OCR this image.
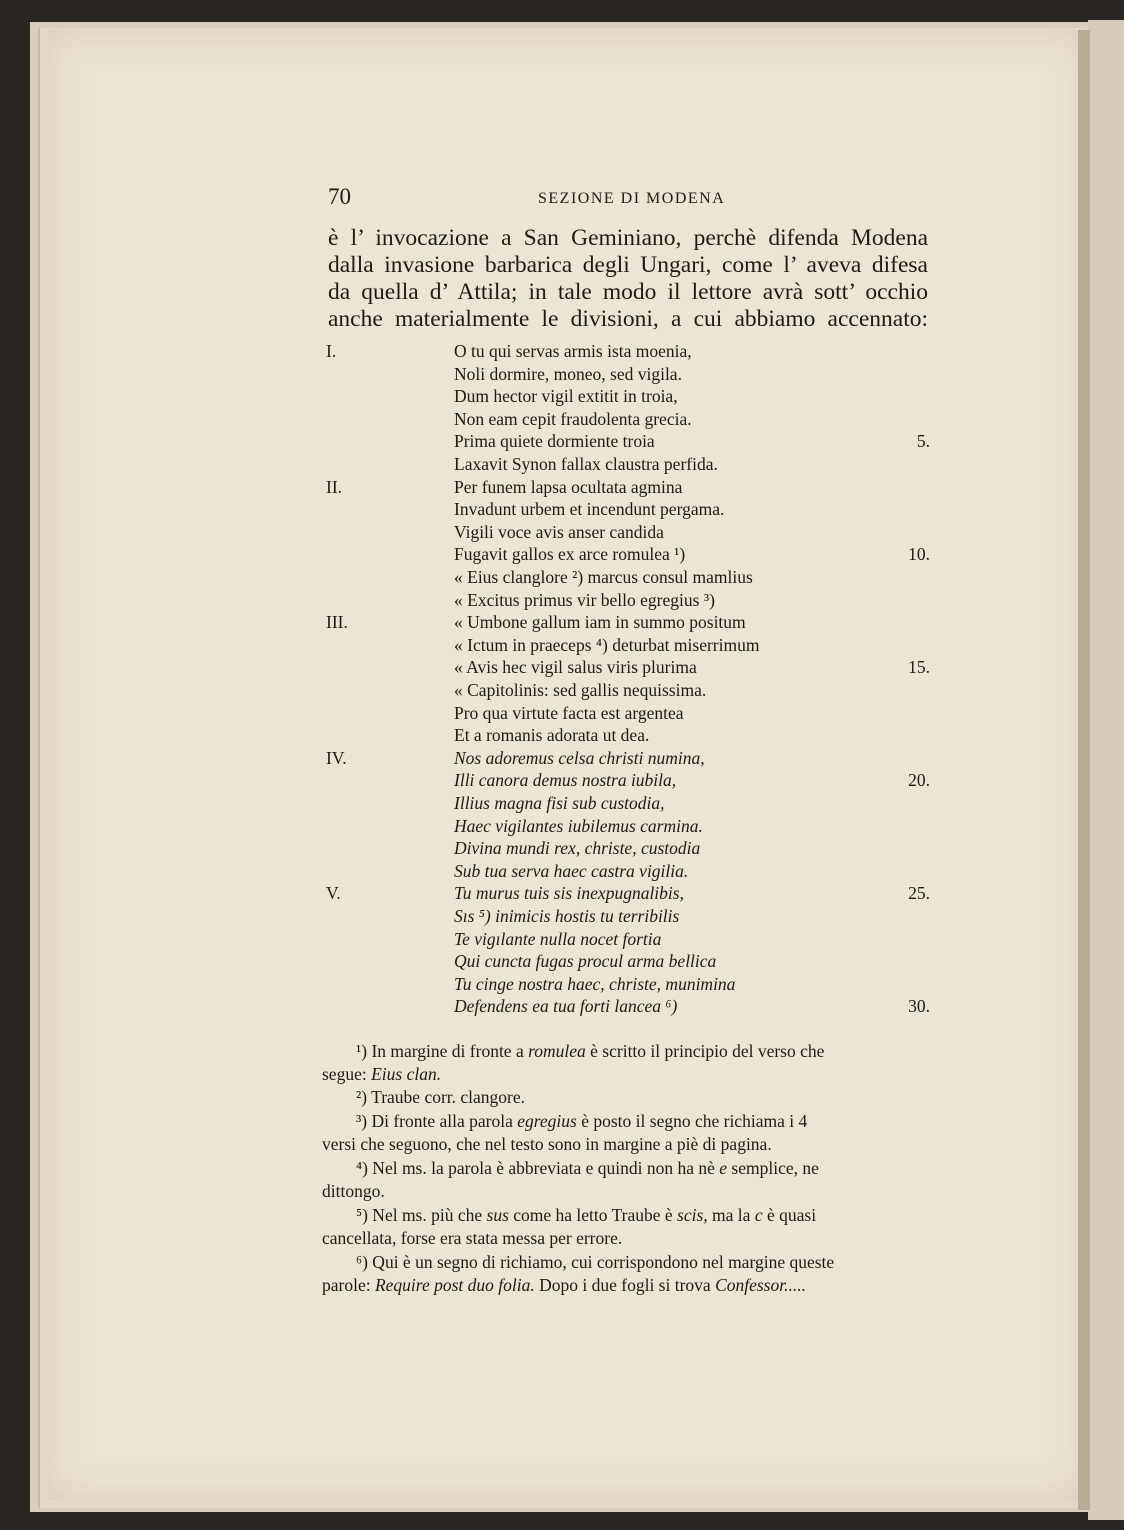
70	SEZIONE DI MODENA
è l’ invocazione a San Geminiano, perchè difenda Modena
dalla invasione barbarica degli Ungari, come l’ aveva difesa
da quella d’ Attila; in tale modo il lettore avrà sott’ occhio
anche materialmente le divisioni, a cui abbiamo accennato:
I.	O tu qui servas armis ista moenia,
Noli dormire, moneo, sed vigila.
Dum hector vigil extitit in troia,
Non eam cepit fraudolenta grecia.
Prima quiete dormiente troia	5.
Laxavit Synon fallax claustra perfida.
II.	Per funem lapsa ocultata agmina
Invadunt urbem et incendunt pergama.
Vigili voce avis anser candida
Fugavit gallos ex arce romulea ¹)	10.
« Eius clanglore ²) marcus consul mamlius
« Excitus primus vir bello egregius ³)
III.	« Umbone gallum iam in summo positum
« Ictum in praeceps ⁴) deturbat miserrimum
« Avis hec vigil salus viris plurima	15.
« Capitolinis: sed gallis nequissima.
Pro qua virtute facta est argentea
Et a romanis adorata ut dea.
IV.	Nos adoremus celsa christi numina,
Illi canora demus nostra iubila,	20.
Illius magna fisi sub custodia,
Haec vigilantes iubilemus carmina.
Divina mundi rex, christe, custodia
Sub tua serva haec castra vigilia.
V.	Tu murus tuis sis inexpugnalibis,	25.
Sıs ⁵) inimicis hostis tu terribilis
Te vigılante nulla nocet fortia
Qui cuncta fugas procul arma bellica
Tu cinge nostra haec, christe, munimina
Defendens ea tua forti lancea ⁶)	30.
¹) In margine di fronte a romulea è scritto il principio del verso che
segue: Eius clan.
²) Traube corr. clangore.
³) Di fronte alla parola egregius è posto il segno che richiama i 4
versi che seguono, che nel testo sono in margine a piè di pagina.
⁴) Nel ms. la parola è abbreviata e quindi non ha nè e semplice, ne
dittongo.
⁵) Nel ms. più che sus come ha letto Traube è scis, ma la c è quasi
cancellata, forse era stata messa per errore.
⁶) Qui è un segno di richiamo, cui corrispondono nel margine queste
parole: Require post duo folia. Dopo i due fogli si trova Confessor.....
